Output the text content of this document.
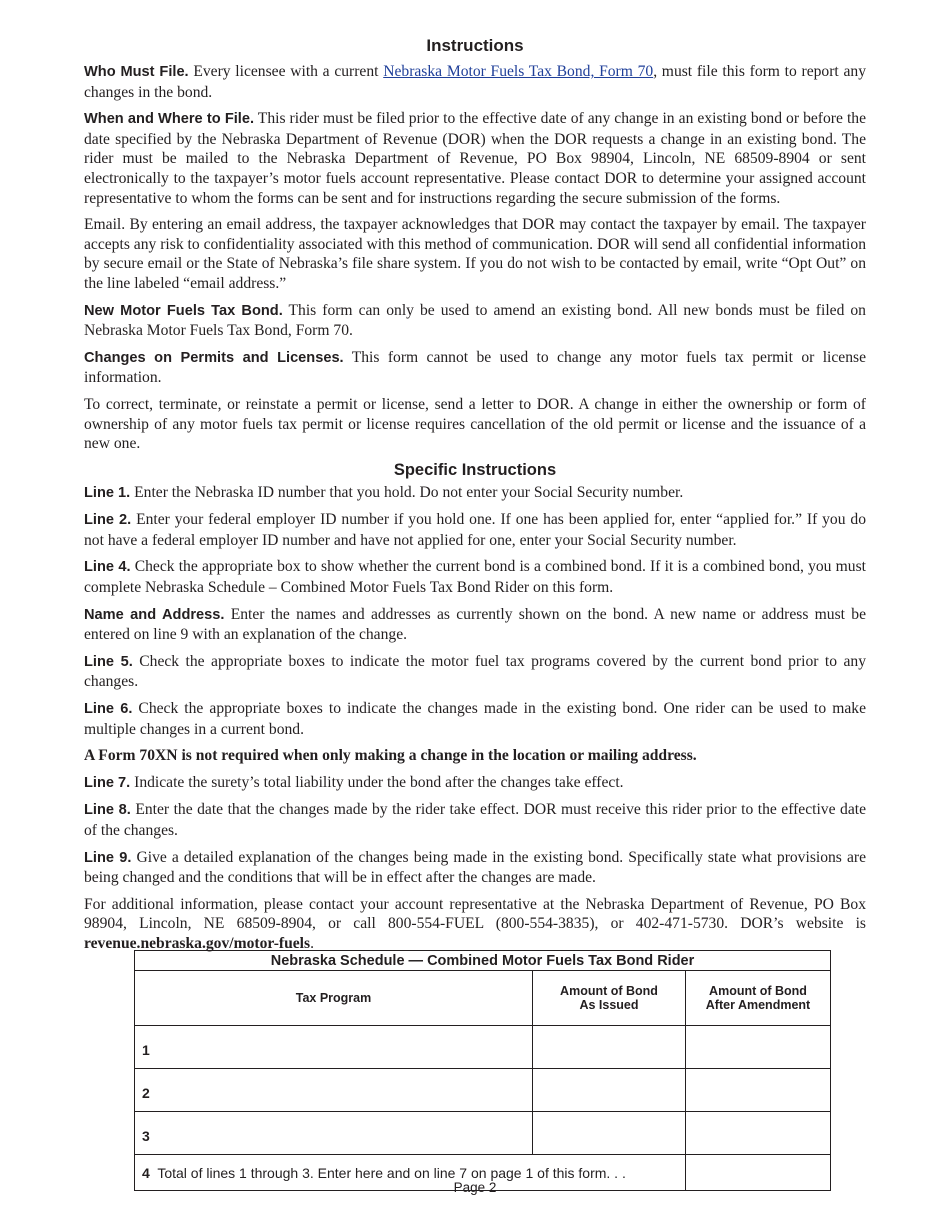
Instructions

Who Must File. Every licensee with a current Nebraska Motor Fuels Tax Bond, Form 70, must file this form to report any changes in the bond.

When and Where to File. This rider must be filed prior to the effective date of any change in an existing bond or before the date specified by the Nebraska Department of Revenue (DOR) when the DOR requests a change in an existing bond. The rider must be mailed to the Nebraska Department of Revenue, PO Box 98904, Lincoln, NE 68509-8904 or sent electronically to the taxpayer’s motor fuels account representative. Please contact DOR to determine your assigned account representative to whom the forms can be sent and for instructions regarding the secure submission of the forms.

Email. By entering an email address, the taxpayer acknowledges that DOR may contact the taxpayer by email. The taxpayer accepts any risk to confidentiality associated with this method of communication. DOR will send all confidential information by secure email or the State of Nebraska’s file share system. If you do not wish to be contacted by email, write “Opt Out” on the line labeled “email address.”

New Motor Fuels Tax Bond. This form can only be used to amend an existing bond. All new bonds must be filed on Nebraska Motor Fuels Tax Bond, Form 70.

Changes on Permits and Licenses. This form cannot be used to change any motor fuels tax permit or license information.

To correct, terminate, or reinstate a permit or license, send a letter to DOR. A change in either the ownership or form of ownership of any motor fuels tax permit or license requires cancellation of the old permit or license and the issuance of a new one.

Specific Instructions

Line 1. Enter the Nebraska ID number that you hold. Do not enter your Social Security number.

Line 2. Enter your federal employer ID number if you hold one. If one has been applied for, enter “applied for.” If you do not have a federal employer ID number and have not applied for one, enter your Social Security number.

Line 4. Check the appropriate box to show whether the current bond is a combined bond. If it is a combined bond, you must complete Nebraska Schedule – Combined Motor Fuels Tax Bond Rider on this form.

Name and Address. Enter the names and addresses as currently shown on the bond. A new name or address must be entered on line 9 with an explanation of the change.

Line 5. Check the appropriate boxes to indicate the motor fuel tax programs covered by the current bond prior to any changes.

Line 6. Check the appropriate boxes to indicate the changes made in the existing bond. One rider can be used to make multiple changes in a current bond.

A Form 70XN is not required when only making a change in the location or mailing address.

Line 7. Indicate the surety’s total liability under the bond after the changes take effect.

Line 8. Enter the date that the changes made by the rider take effect. DOR must receive this rider prior to the effective date of the changes.

Line 9. Give a detailed explanation of the changes being made in the existing bond. Specifically state what provisions are being changed and the conditions that will be in effect after the changes are made.

For additional information, please contact your account representative at the Nebraska Department of Revenue, PO Box 98904, Lincoln, NE 68509-8904, or call 800-554-FUEL (800-554-3835), or 402-471-5730. DOR’s website is revenue.nebraska.gov/motor-fuels.

Nebraska Schedule — Combined Motor Fuels Tax Bond Rider		
Tax Program	Amount of Bond As Issued	Amount of Bond After Amendment
1		
2		
3		
4 Total of lines 1 through 3. Enter here and on line 7 on page 1 of this form. . .		
Page 2
